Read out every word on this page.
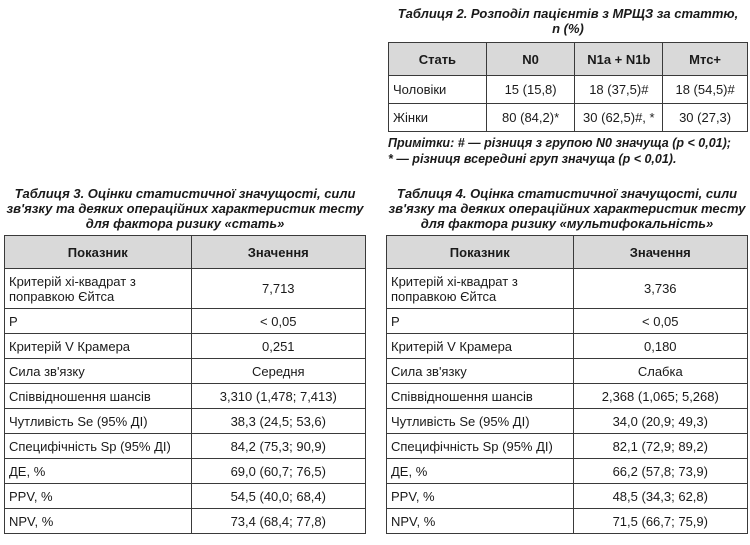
Таблиця 2. Розподіл пацієнтів з МРЩЗ за статтю,
n (%)
Стать	N0	N1a + N1b	Mтс+
Чоловіки	15 (15,8)	18 (37,5)#	18 (54,5)#
Жінки	80 (84,2)*	30 (62,5)#, *	30 (27,3)
Примітки: # — різниця з групою N0 значуща (p < 0,01);
* — різниця всередині груп значуща (p < 0,01).
Таблиця 3. Оцінки статистичної значущості, сили
зв'язку та деяких операційних характеристик тесту
для фактора ризику «стать»
Показник	Значення
Критерій хі-квадрат з поправкою Єйтса	7,713
P	< 0,05
Критерій V Крамера	0,251
Сила зв'язку	Середня
Співвідношення шансів	3,310 (1,478; 7,413)
Чутливість Se (95% ДІ)	38,3 (24,5; 53,6)
Специфічність Sp (95% ДІ)	84,2 (75,3; 90,9)
ДЕ, %	69,0 (60,7; 76,5)
PPV, %	54,5 (40,0; 68,4)
NPV, %	73,4 (68,4; 77,8)
Таблиця 4. Оцінка статистичної значущості, сили
зв'язку та деяких операційних характеристик тесту
для фактора ризику «мультифокальність»
Показник	Значення
Критерій хі-квадрат з поправкою Єйтса	3,736
P	< 0,05
Критерій V Крамера	0,180
Сила зв'язку	Слабка
Співвідношення шансів	2,368 (1,065; 5,268)
Чутливість Se (95% ДІ)	34,0 (20,9; 49,3)
Специфічність Sp (95% ДІ)	82,1 (72,9; 89,2)
ДЕ, %	66,2 (57,8; 73,9)
PPV, %	48,5 (34,3; 62,8)
NPV, %	71,5 (66,7; 75,9)
